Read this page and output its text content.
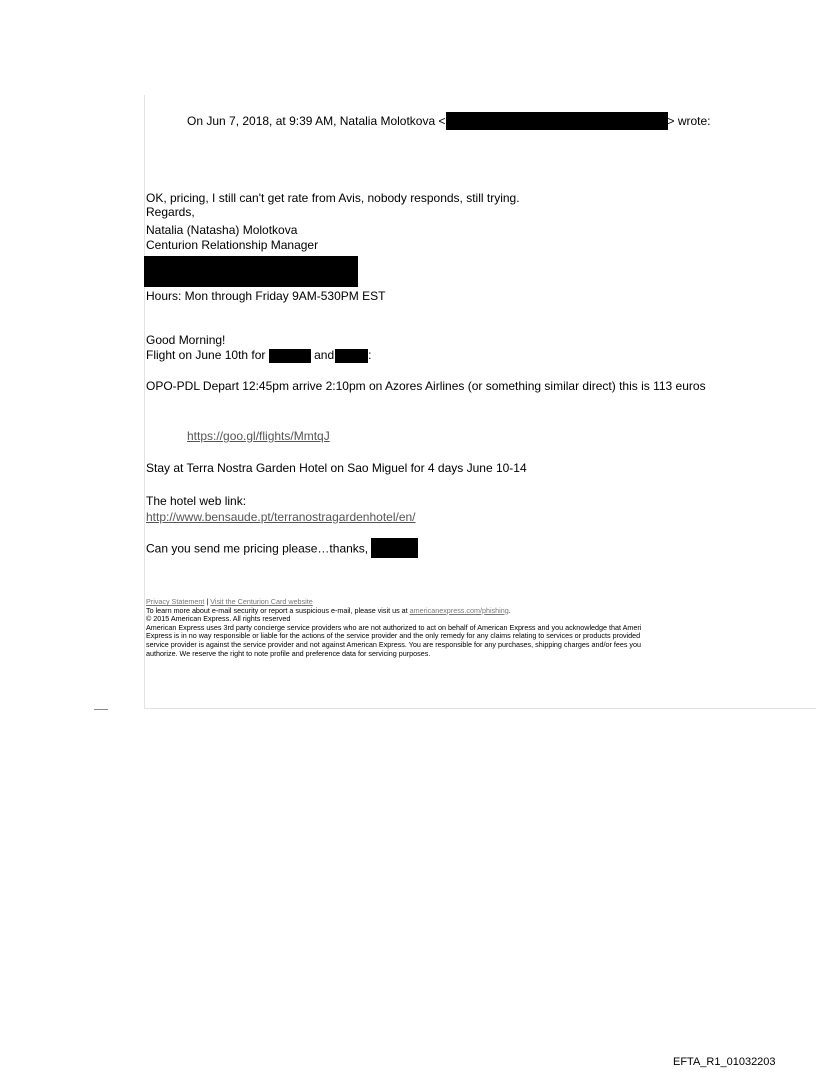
On Jun 7, 2018, at 9:39 AM, Natalia Molotkova <	> wrote:
OK, pricing, I still can't get rate from Avis, nobody responds, still trying.
Regards,
Natalia (Natasha) Molotkova
Centurion Relationship Manager
Hours: Mon through Friday 9AM-530PM EST
Good Morning!
Flight on June 10th for	and	:
OPO-PDL Depart 12:45pm arrive 2:10pm on Azores Airlines (or something similar direct) this is 113 euros
https://goo.gl/flights/MmtqJ
Stay at Terra Nostra Garden Hotel on Sao Miguel for 4 days June 10-14
The hotel web link:
http://www.bensaude.pt/terranostragardenhotel/en/
Can you send me pricing please…thanks,
Privacy Statement | Visit the Centurion Card website
To learn more about e-mail security or report a suspicious e-mail, please visit us at americanexpress.com/phishing.
© 2015 American Express. All rights reserved
American Express uses 3rd party concierge service providers who are not authorized to act on behalf of American Express and you acknowledge that Ameri
Express is in no way responsible or liable for the actions of the service provider and the only remedy for any claims relating to services or products provided
service provider is against the service provider and not against American Express. You are responsible for any purchases, shipping charges and/or fees you
authorize. We reserve the right to note profile and preference data for servicing purposes.
EFTA_R1_01032203
